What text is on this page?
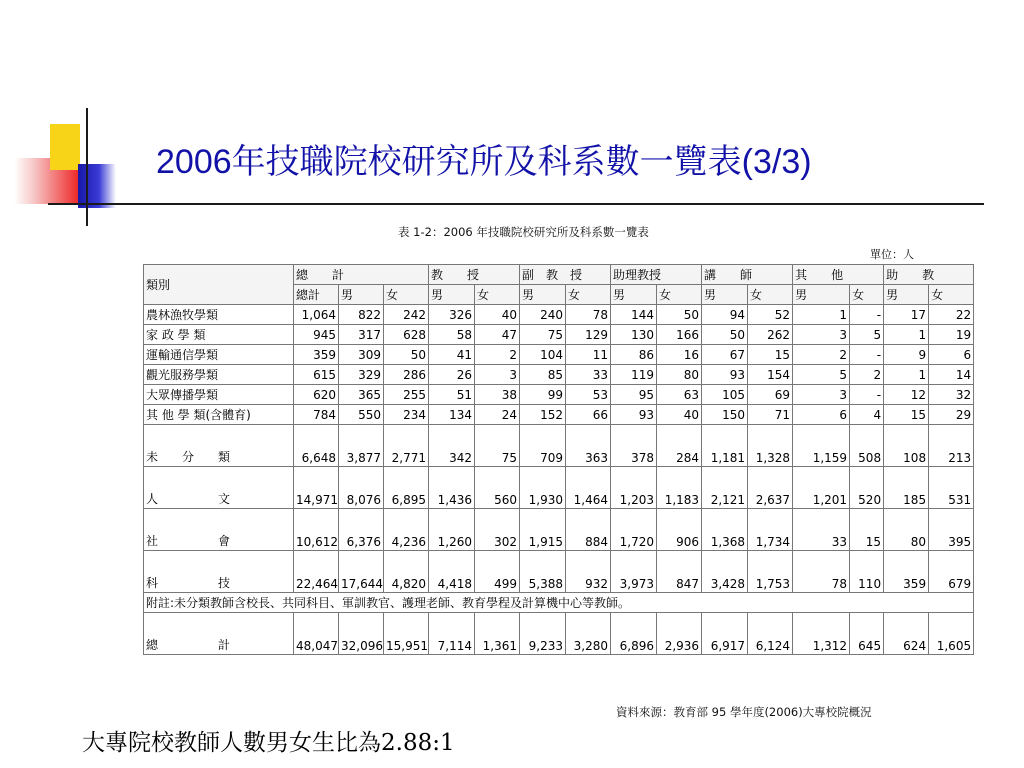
2006年技職院校研究所及科系數一覽表(3/3)
表 1-2：2006 年技職院校研究所及科系數一覽表
單位：人
類別	總　　計			教　　授		副　教　授		助理教授		講　　師		其　　他		助　　教	
	總計	男	女	男	女	男	女	男	女	男	女	男	女	男	女
農林漁牧學類	1,064	822	242	326	40	240	78	144	50	94	52	1	-	17	22
家 政 學 類	945	317	628	58	47	75	129	130	166	50	262	3	5	1	19
運輸通信學類	359	309	50	41	2	104	11	86	16	67	15	2	-	9	6
觀光服務學類	615	329	286	26	3	85	33	119	80	93	154	5	2	1	14
大眾傳播學類	620	365	255	51	38	99	53	95	63	105	69	3	-	12	32
其 他 學 類(含體育)	784	550	234	134	24	152	66	93	40	150	71	6	4	15	29
未　　分　　類	6,648	3,877	2,771	342	75	709	363	378	284	1,181	1,328	1,159	508	108	213
人　　　　　文	14,971	8,076	6,895	1,436	560	1,930	1,464	1,203	1,183	2,121	2,637	1,201	520	185	531
社　　　　　會	10,612	6,376	4,236	1,260	302	1,915	884	1,720	906	1,368	1,734	33	15	80	395
科　　　　　技	22,464	17,644	4,820	4,418	499	5,388	932	3,973	847	3,428	1,753	78	110	359	679
附註:未分類教師含校長、共同科目、軍訓教官、護理老師、教育學程及計算機中心等教師。															
總　　　　　計	48,047	32,096	15,951	7,114	1,361	9,233	3,280	6,896	2,936	6,917	6,124	1,312	645	624	1,605
資料來源：教育部 95 學年度(2006)大專校院概況
大專院校教師人數男女生比為2.88:1
